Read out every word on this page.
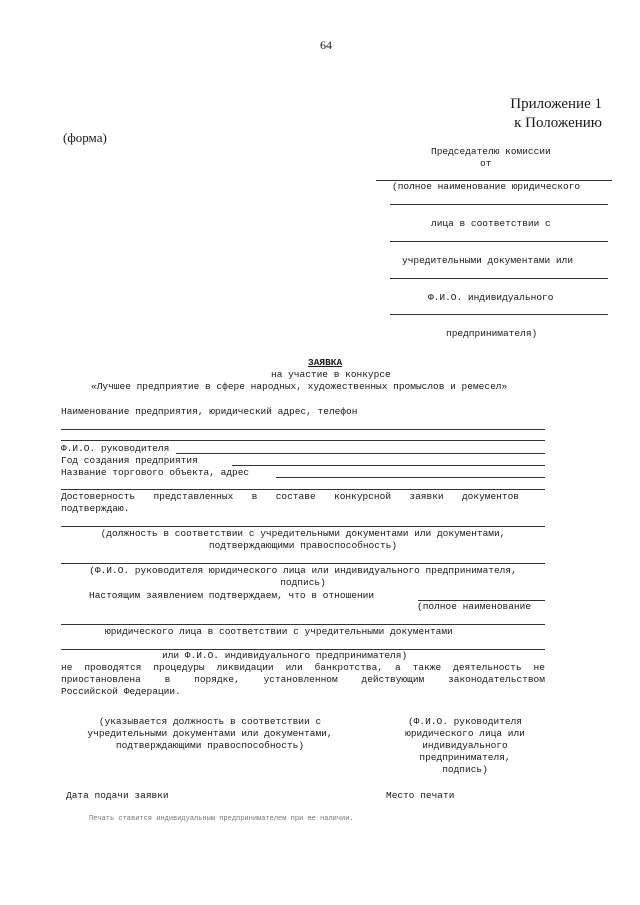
64
Приложение 1
к Положению
(форма)
Председателю комиссии
от
(полное наименование юридического
лица в соответствии с
учредительными документами или
Ф.И.О. индивидуального
предпринимателя)
ЗАЯВКА
на участие в конкурсе
«Лучшее предприятие в сфере народных, художественных промыслов и ремесел»
Наименование предприятия, юридический адрес, телефон
Ф.И.О. руководителя
Год создания предприятия
Название торгового объекта, адрес
Достоверность представленных в составе конкурсной заявки документов
подтверждаю.
(должность в соответствии с учредительными документами или документами,
подтверждающими правоспособность)
(Ф.И.О. руководителя юридического лица или индивидуального предпринимателя,
подпись)
Настоящим заявлением подтверждаем, что в отношении
(полное наименование
юридического лица в соответствии с учредительными документами
или Ф.И.О. индивидуального предпринимателя)
не проводятся процедуры ликвидации или банкротства, а также деятельность не
приостановлена	в	порядке,	установленном	действующим	законодательством
Российской Федерации.
(указывается должность в соответствии с
учредительными документами или документами,
подтверждающими правоспособность)
(Ф.И.О. руководителя
юридического лица или
индивидуального
предпринимателя,
подпись)
Дата подачи заявки	Место печати
Печать ставится индивидуальным предпринимателем при ее наличии.
